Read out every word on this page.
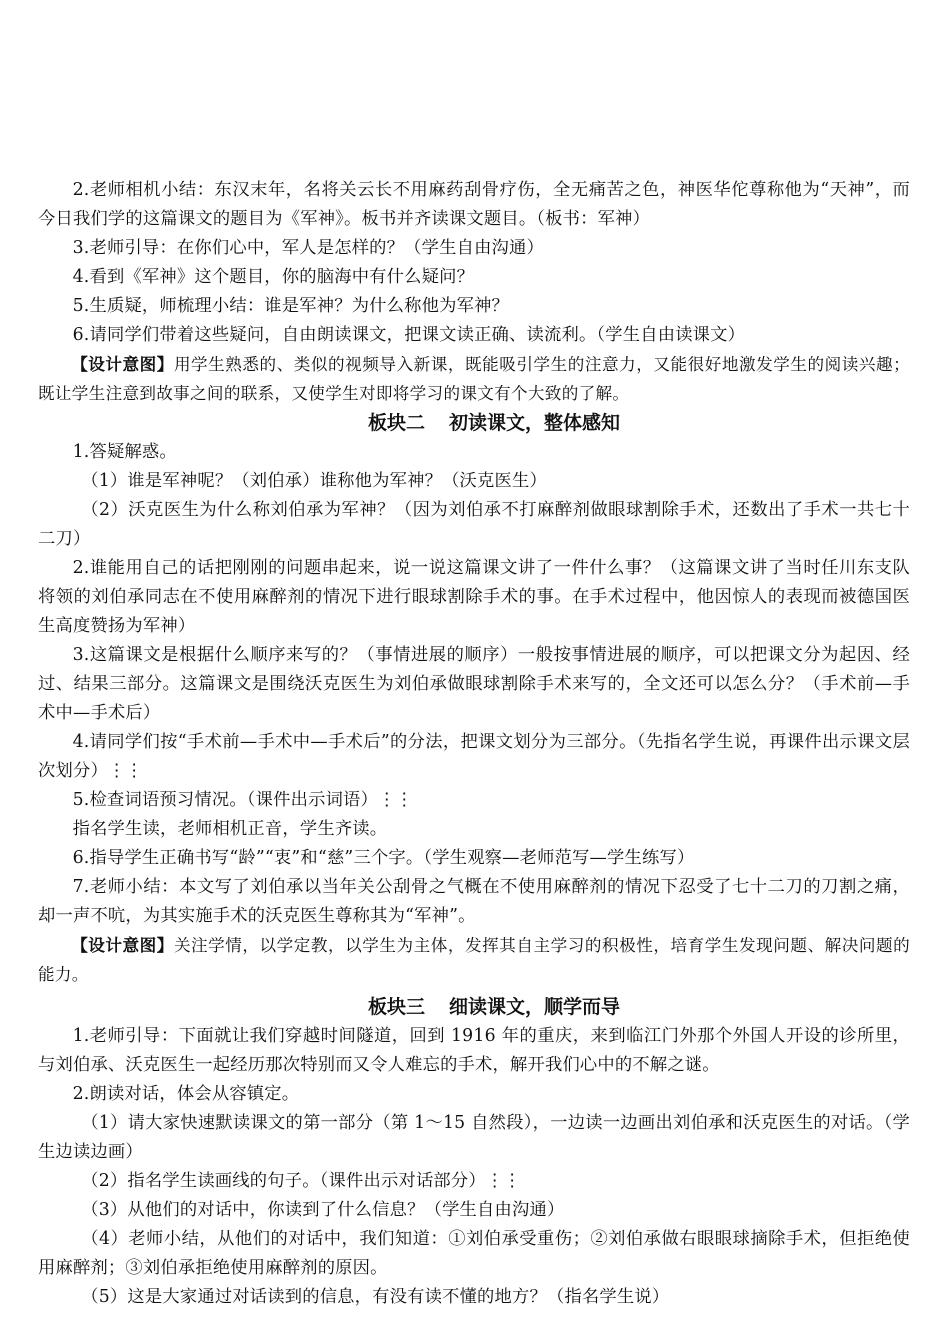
2.老师相机小结：东汉末年，名将关云长不用麻药刮骨疗伤，全无痛苦之色，神医华佗尊称他为“天神”，而今日我们学的这篇课文的题目为《军神》。板书并齐读课文题目。（板书：军神）

3.老师引导：在你们心中，军人是怎样的？（学生自由沟通）

4.看到《军神》这个题目，你的脑海中有什么疑问？

5.生质疑，师梳理小结：谁是军神？为什么称他为军神？

6.请同学们带着这些疑问，自由朗读课文，把课文读正确、读流利。（学生自由读课文）

【设计意图】用学生熟悉的、类似的视频导入新课，既能吸引学生的注意力，又能很好地激发学生的阅读兴趣；既让学生注意到故事之间的联系，又使学生对即将学习的课文有个大致的了解。

板块二 初读课文，整体感知

1.答疑解惑。

（1）谁是军神呢？（刘伯承）谁称他为军神？（沃克医生）

（2）沃克医生为什么称刘伯承为军神？（因为刘伯承不打麻醉剂做眼球割除手术，还数出了手术一共七十二刀）

2.谁能用自己的话把刚刚的问题串起来，说一说这篇课文讲了一件什么事？（这篇课文讲了当时任川东支队将领的刘伯承同志在不使用麻醉剂的情况下进行眼球割除手术的事。在手术过程中，他因惊人的表现而被德国医生高度赞扬为军神）

3.这篇课文是根据什么顺序来写的？（事情进展的顺序）一般按事情进展的顺序，可以把课文分为起因、经过、结果三部分。这篇课文是围绕沃克医生为刘伯承做眼球割除手术来写的，全文还可以怎么分？（手术前—手术中—手术后）

4.请同学们按“手术前—手术中—手术后”的分法，把课文划分为三部分。（先指名学生说，再课件出示课文层次划分）⋮⋮

5.检查词语预习情况。（课件出示词语）⋮⋮

指名学生读，老师相机正音，学生齐读。

6.指导学生正确书写“龄”“衷”和“慈”三个字。（学生观察—老师范写—学生练写）

7.老师小结：本文写了刘伯承以当年关公刮骨之气概在不使用麻醉剂的情况下忍受了七十二刀的刀割之痛，却一声不吭，为其实施手术的沃克医生尊称其为“军神”。

【设计意图】关注学情，以学定教，以学生为主体，发挥其自主学习的积极性，培育学生发现问题、解决问题的能力。

板块三 细读课文，顺学而导

1.老师引导：下面就让我们穿越时间隧道，回到 1916 年的重庆，来到临江门外那个外国人开设的诊所里，与刘伯承、沃克医生一起经历那次特别而又令人难忘的手术，解开我们心中的不解之谜。

2.朗读对话，体会从容镇定。

（1）请大家快速默读课文的第一部分（第 1～15 自然段），一边读一边画出刘伯承和沃克医生的对话。（学生边读边画）

（2）指名学生读画线的句子。（课件出示对话部分）⋮⋮

（3）从他们的对话中，你读到了什么信息？（学生自由沟通）

（4）老师小结，从他们的对话中，我们知道：①刘伯承受重伤；②刘伯承做右眼眼球摘除手术，但拒绝使用麻醉剂；③刘伯承拒绝使用麻醉剂的原因。

（5）这是大家通过对话读到的信息，有没有读不懂的地方？（指名学生说）
